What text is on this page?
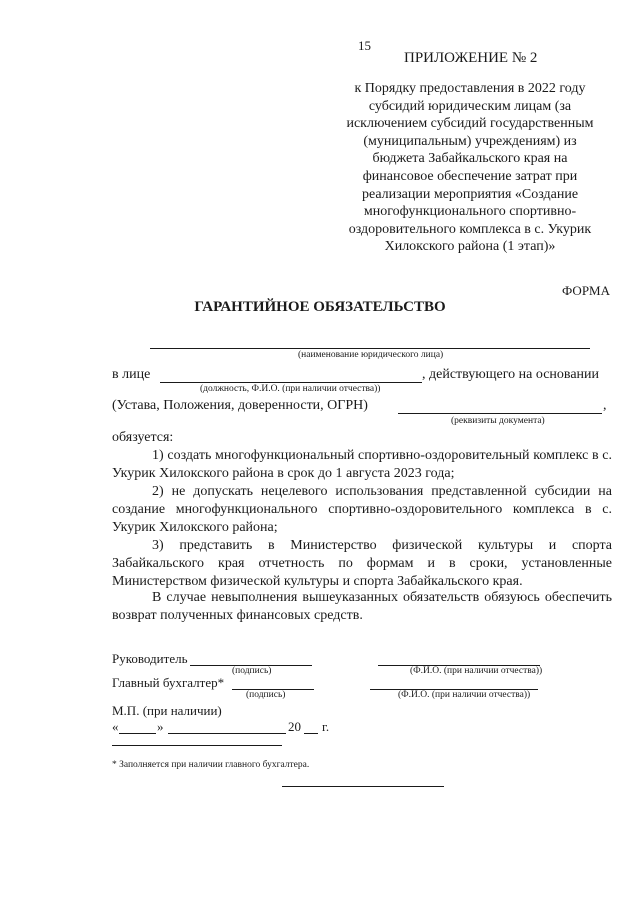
15
ПРИЛОЖЕНИЕ № 2
к Порядку предоставления в 2022 году
субсидий юридическим лицам (за
исключением субсидий государственным
(муниципальным) учреждениям) из
бюджета Забайкальского края на
финансовое обеспечение затрат при
реализации мероприятия «Создание
многофункционального спортивно-
оздоровительного комплекса в с. Укурик
Хилокского района (1 этап)»
ФОРМА
ГАРАНТИЙНОЕ ОБЯЗАТЕЛЬСТВО
(наименование юридического лица)
в лице	, действующего на основании
(должность, Ф.И.О. (при наличии отчества))
(Устава, Положения, доверенности, ОГРН)	,
(реквизиты документа)
обязуется:
1) создать многофункциональный спортивно-оздоровительный комплекс в с. Укурик Хилокского района в срок до 1 августа 2023 года;
2) не допускать нецелевого использования представленной субсидии на создание многофункционального спортивно-оздоровительного комплекса в с. Укурик Хилокского района;
3) представить в Министерство физической культуры и спорта Забайкальского края отчетность по формам и в сроки, установленные Министерством физической культуры и спорта Забайкальского края.
В случае невыполнения вышеуказанных обязательств обязуюсь обеспечить возврат полученных финансовых средств.
Руководитель
(подпись)	(Ф.И.О. (при наличии отчества))
Главный бухгалтер*
(подпись)	(Ф.И.О. (при наличии отчества))
М.П. (при наличии)
«	»	20 г.
* Заполняется при наличии главного бухгалтера.
